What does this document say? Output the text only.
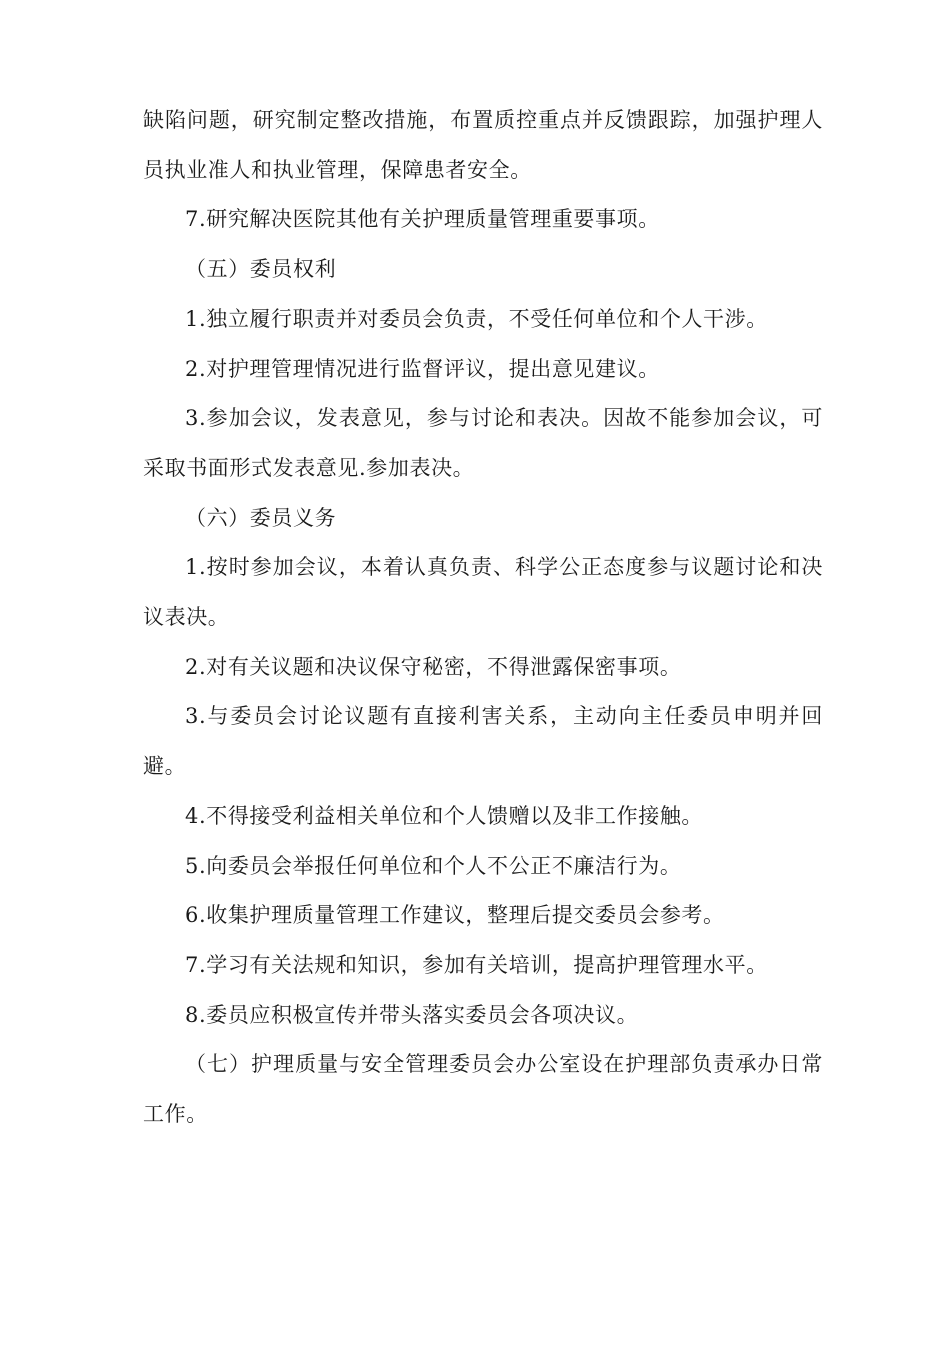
缺陷问题，研究制定整改措施，布置质控重点并反馈跟踪，加强护理人员执业准人和执业管理，保障患者安全。

7.研究解决医院其他有关护理质量管理重要事项。

（五）委员权利

1.独立履行职责并对委员会负责，不受任何单位和个人干涉。

2.对护理管理情况进行监督评议，提出意见建议。

3.参加会议，发表意见，参与讨论和表决。因故不能参加会议，可采取书面形式发表意见.参加表决。

（六）委员义务

1.按时参加会议，本着认真负责、科学公正态度参与议题讨论和决议表决。

2.对有关议题和决议保守秘密，不得泄露保密事项。

3.与委员会讨论议题有直接利害关系，主动向主任委员申明并回避。

4.不得接受利益相关单位和个人馈赠以及非工作接触。

5.向委员会举报任何单位和个人不公正不廉洁行为。

6.收集护理质量管理工作建议，整理后提交委员会参考。

7.学习有关法规和知识，参加有关培训，提高护理管理水平。

8.委员应积极宣传并带头落实委员会各项决议。

（七）护理质量与安全管理委员会办公室设在护理部负责承办日常工作。
